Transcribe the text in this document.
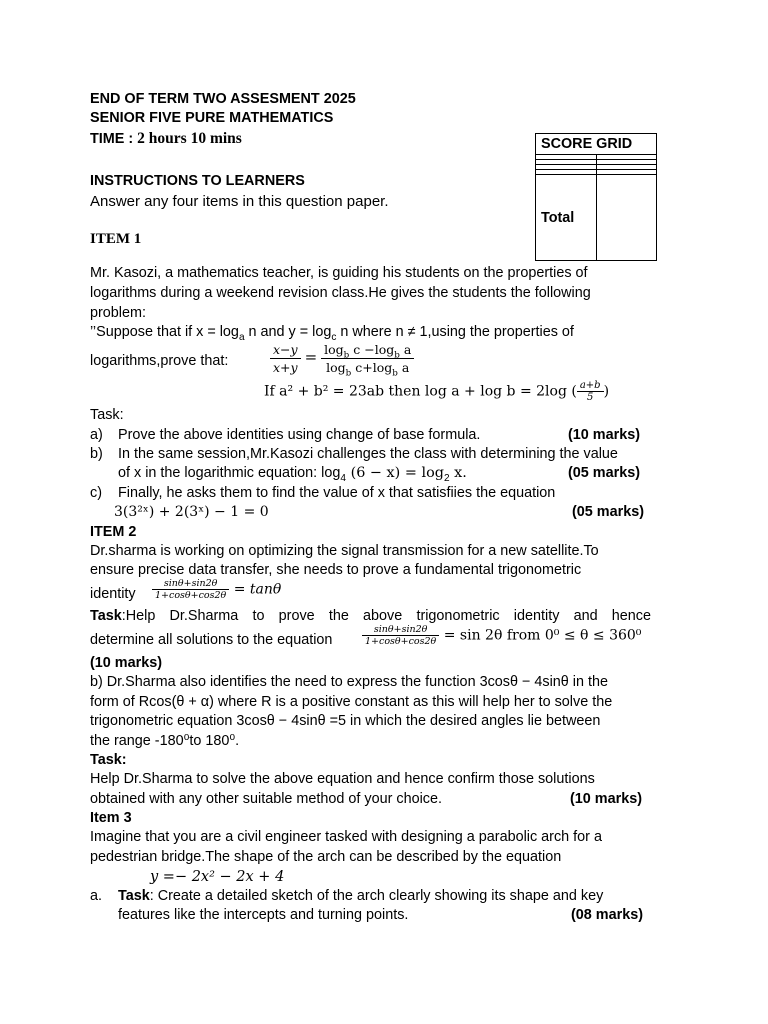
END OF TERM TWO ASSESMENT 2025
SENIOR FIVE PURE MATHEMATICS
TIME : 2 hours 10 mins	SCORE GRID	

Total	
INSTRUCTIONS TO LEARNERS
Answer any four items in this question paper.
ITEM 1
Mr. Kasozi, a mathematics teacher, is guiding his students on the properties of
logarithms during a weekend revision class.He gives the students the following
problem:
’’Suppose that if $x = \log_a n$ and $y = \log_c n$ where n ≠ 1,using the properties of
logarithms,prove that:	$\frac{x-y}{x+y} = \frac{\log_b c -\log_b a}{\log_b c+\log_b a}$
If a² + b² = 23ab then log a + log b = 2log ( $\frac{a+b}{5}$ )
Task:
a) Prove the above identities using change of base formula.	(10 marks)
b) In the same session,Mr.Kasozi challenges the class with determining the value
of x in the logarithmic equation: $\log_4 (6 - x) = \log_2 x$.	(05 marks)
c) Finally, he asks them to find the value of x that satisfiies the equation
3(3²ˣ) + 2(3ˣ) − 1 = 0	(05 marks)
ITEM 2
Dr.sharma is working on optimizing the signal transmission for a new satellite.To
ensure precise data transfer, she needs to prove a fundamental trigonometric
identity $\frac{\sin\theta+\sin 2\theta}{1+\cos\theta+\cos 2\theta} = \tan\theta$
Task:Help Dr.Sharma to prove the above trigonometric identity and hence
determine all solutions to the equation	$\frac{\sin\theta+\sin 2\theta}{1+\cos\theta+\cos 2\theta} = \sin 2\theta$ from 0⁰ ≤ θ ≤ 360⁰
(10 marks)
b) Dr.Sharma also identifies the need to express the function 3cosθ − 4sinθ in the
form of Rcos(θ + α) where R is a positive constant as this will help her to solve the
trigonometric equation 3cosθ − 4sinθ =5 in which the desired angles lie between
the range -180⁰to 180⁰.
Task:
Help Dr.Sharma to solve the above equation and hence confirm those solutions
obtained with any other suitable method of your choice.	(10 marks)
Item 3
Imagine that you are a civil engineer tasked with designing a parabolic arch for a
pedestrian bridge.The shape of the arch can be described by the equation
y =− 2x² − 2x + 4
a. Task: Create a detailed sketch of the arch clearly showing its shape and key
features like the intercepts and turning points.	(08 marks)
